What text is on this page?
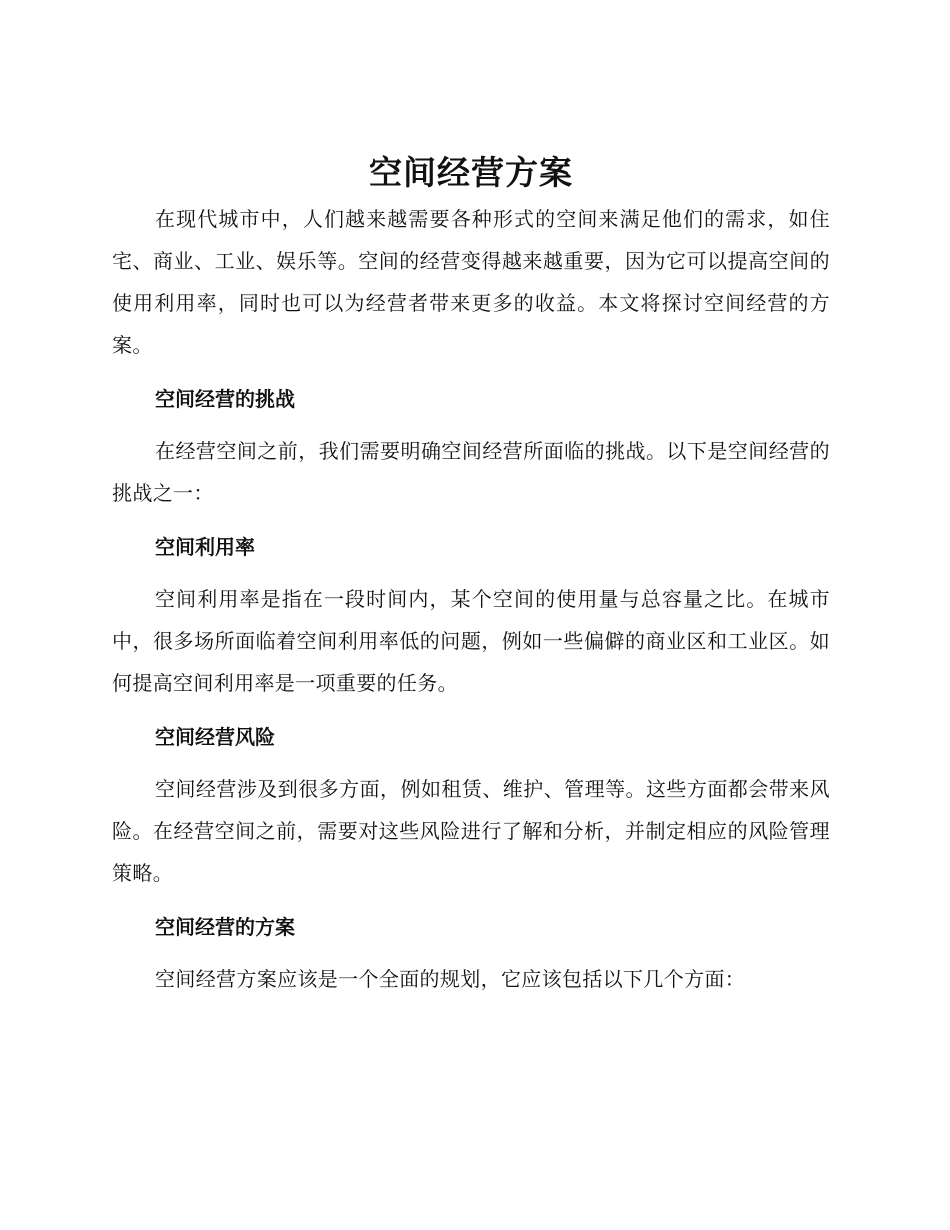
空间经营方案

在现代城市中，人们越来越需要各种形式的空间来满足他们的需求，如住宅、商业、工业、娱乐等。空间的经营变得越来越重要，因为它可以提高空间的使用利用率，同时也可以为经营者带来更多的收益。本文将探讨空间经营的方案。

空间经营的挑战

在经营空间之前，我们需要明确空间经营所面临的挑战。以下是空间经营的挑战之一：

空间利用率

空间利用率是指在一段时间内，某个空间的使用量与总容量之比。在城市中，很多场所面临着空间利用率低的问题，例如一些偏僻的商业区和工业区。如何提高空间利用率是一项重要的任务。

空间经营风险

空间经营涉及到很多方面，例如租赁、维护、管理等。这些方面都会带来风险。在经营空间之前，需要对这些风险进行了解和分析，并制定相应的风险管理策略。

空间经营的方案

空间经营方案应该是一个全面的规划，它应该包括以下几个方面：
